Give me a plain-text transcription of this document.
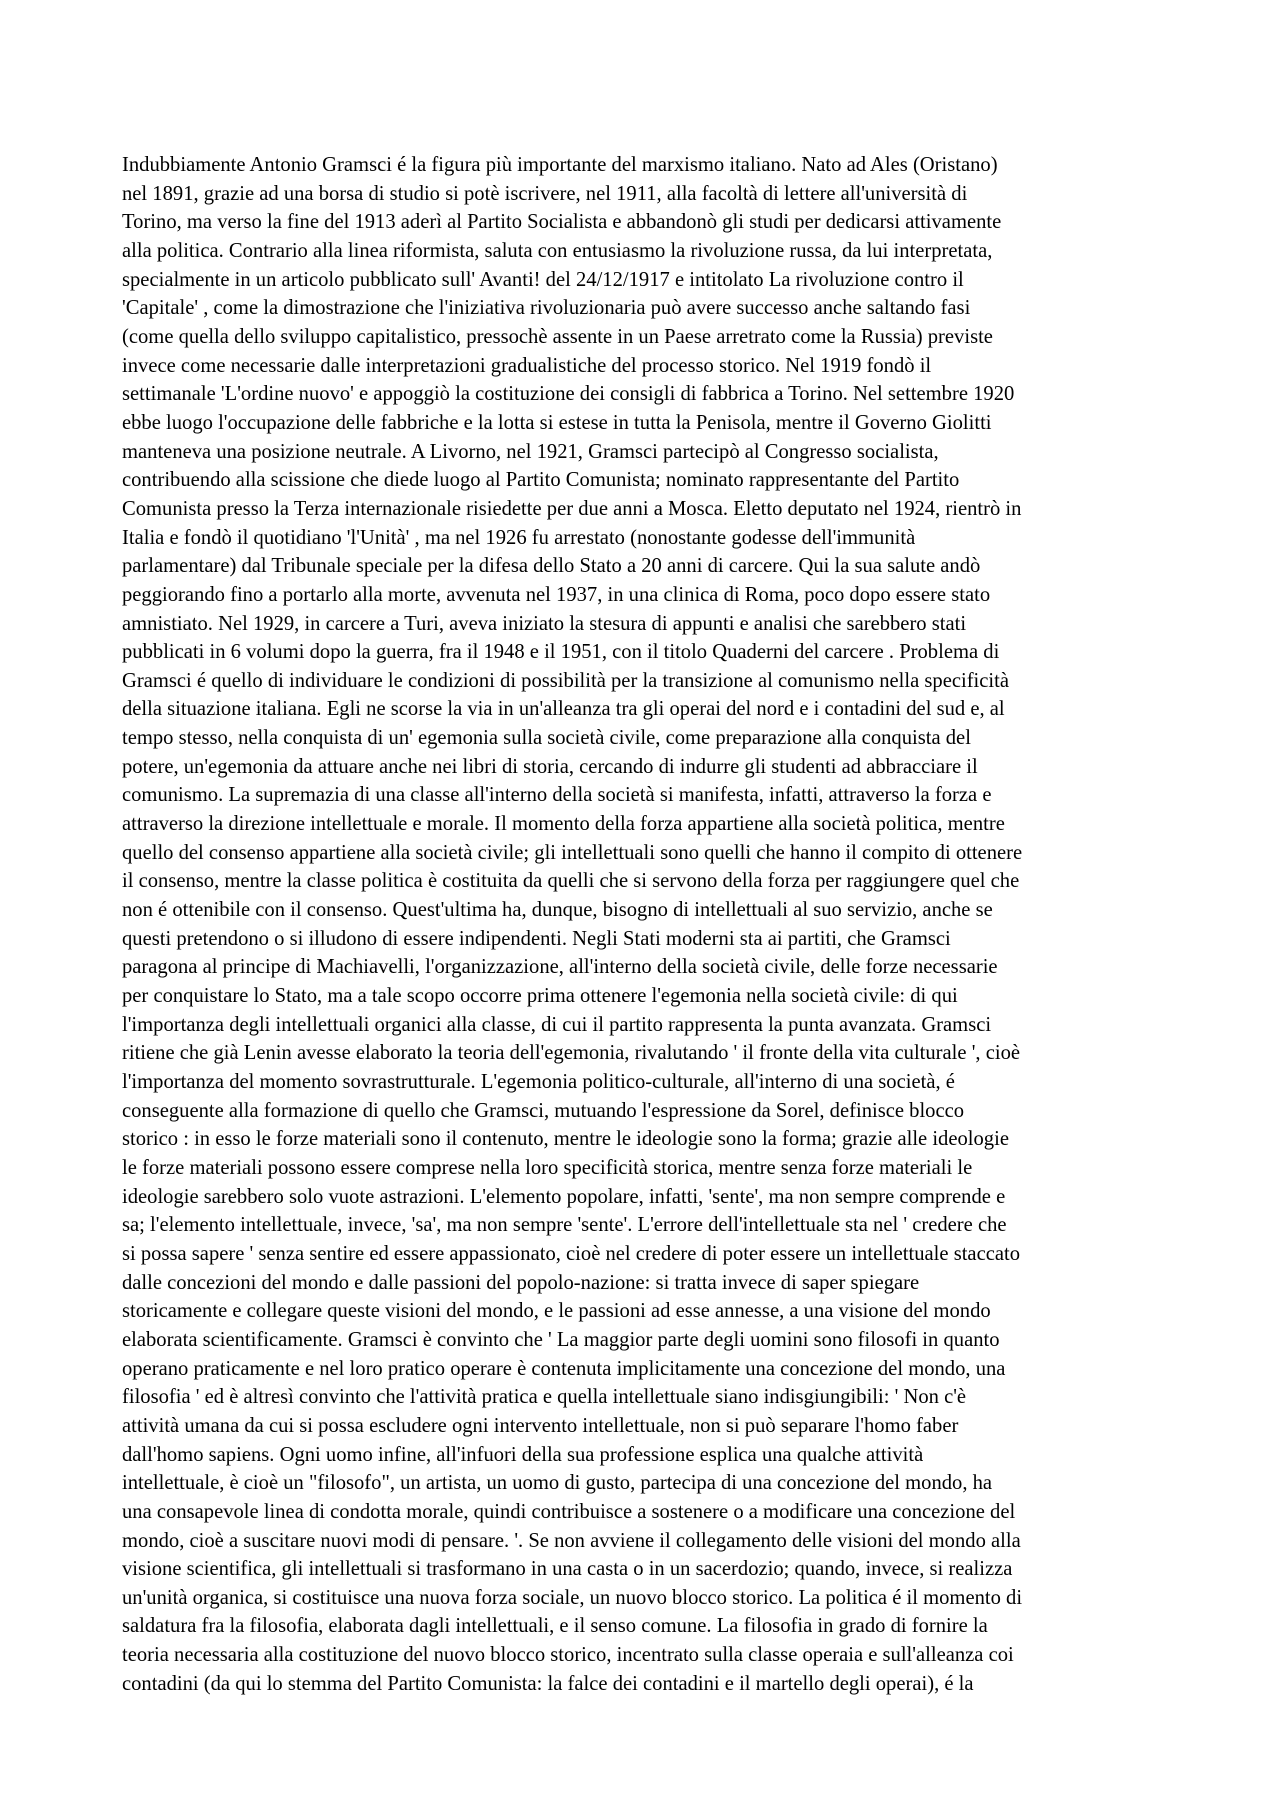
Indubbiamente Antonio Gramsci é la figura più importante del marxismo italiano. Nato ad Ales (Oristano)
nel 1891, grazie ad una borsa di studio si potè iscrivere, nel 1911, alla facoltà di lettere all'università di
Torino, ma verso la fine del 1913 aderì al Partito Socialista e abbandonò gli studi per dedicarsi attivamente
alla politica. Contrario alla linea riformista, saluta con entusiasmo la rivoluzione russa, da lui interpretata,
specialmente in un articolo pubblicato sull' Avanti! del 24/12/1917 e intitolato La rivoluzione contro il
'Capitale' , come la dimostrazione che l'iniziativa rivoluzionaria può avere successo anche saltando fasi
(come quella dello sviluppo capitalistico, pressochè assente in un Paese arretrato come la Russia) previste
invece come necessarie dalle interpretazioni gradualistiche del processo storico. Nel 1919 fondò il
settimanale 'L'ordine nuovo' e appoggiò la costituzione dei consigli di fabbrica a Torino. Nel settembre 1920
ebbe luogo l'occupazione delle fabbriche e la lotta si estese in tutta la Penisola, mentre il Governo Giolitti
manteneva una posizione neutrale. A Livorno, nel 1921, Gramsci partecipò al Congresso socialista,
contribuendo alla scissione che diede luogo al Partito Comunista; nominato rappresentante del Partito
Comunista presso la Terza internazionale risiedette per due anni a Mosca. Eletto deputato nel 1924, rientrò in
Italia e fondò il quotidiano 'l'Unità' , ma nel 1926 fu arrestato (nonostante godesse dell'immunità
parlamentare) dal Tribunale speciale per la difesa dello Stato a 20 anni di carcere. Qui la sua salute andò
peggiorando fino a portarlo alla morte, avvenuta nel 1937, in una clinica di Roma, poco dopo essere stato
amnistiato. Nel 1929, in carcere a Turi, aveva iniziato la stesura di appunti e analisi che sarebbero stati
pubblicati in 6 volumi dopo la guerra, fra il 1948 e il 1951, con il titolo Quaderni del carcere . Problema di
Gramsci é quello di individuare le condizioni di possibilità per la transizione al comunismo nella specificità
della situazione italiana. Egli ne scorse la via in un'alleanza tra gli operai del nord e i contadini del sud e, al
tempo stesso, nella conquista di un' egemonia sulla società civile, come preparazione alla conquista del
potere, un'egemonia da attuare anche nei libri di storia, cercando di indurre gli studenti ad abbracciare il
comunismo. La supremazia di una classe all'interno della società si manifesta, infatti, attraverso la forza e
attraverso la direzione intellettuale e morale. Il momento della forza appartiene alla società politica, mentre
quello del consenso appartiene alla società civile; gli intellettuali sono quelli che hanno il compito di ottenere
il consenso, mentre la classe politica è costituita da quelli che si servono della forza per raggiungere quel che
non é ottenibile con il consenso. Quest'ultima ha, dunque, bisogno di intellettuali al suo servizio, anche se
questi pretendono o si illudono di essere indipendenti. Negli Stati moderni sta ai partiti, che Gramsci
paragona al principe di Machiavelli, l'organizzazione, all'interno della società civile, delle forze necessarie
per conquistare lo Stato, ma a tale scopo occorre prima ottenere l'egemonia nella società civile: di qui
l'importanza degli intellettuali organici alla classe, di cui il partito rappresenta la punta avanzata. Gramsci
ritiene che già Lenin avesse elaborato la teoria dell'egemonia, rivalutando ' il fronte della vita culturale ', cioè
l'importanza del momento sovrastrutturale. L'egemonia politico-culturale, all'interno di una società, é
conseguente alla formazione di quello che Gramsci, mutuando l'espressione da Sorel, definisce blocco
storico : in esso le forze materiali sono il contenuto, mentre le ideologie sono la forma; grazie alle ideologie
le forze materiali possono essere comprese nella loro specificità storica, mentre senza forze materiali le
ideologie sarebbero solo vuote astrazioni. L'elemento popolare, infatti, 'sente', ma non sempre comprende e
sa; l'elemento intellettuale, invece, 'sa', ma non sempre 'sente'. L'errore dell'intellettuale sta nel ' credere che
si possa sapere ' senza sentire ed essere appassionato, cioè nel credere di poter essere un intellettuale staccato
dalle concezioni del mondo e dalle passioni del popolo-nazione: si tratta invece di saper spiegare
storicamente e collegare queste visioni del mondo, e le passioni ad esse annesse, a una visione del mondo
elaborata scientificamente. Gramsci è convinto che ' La maggior parte degli uomini sono filosofi in quanto
operano praticamente e nel loro pratico operare è contenuta implicitamente una concezione del mondo, una
filosofia ' ed è altresì convinto che l'attività pratica e quella intellettuale siano indisgiungibili: ' Non c'è
attività umana da cui si possa escludere ogni intervento intellettuale, non si può separare l'homo faber
dall'homo sapiens. Ogni uomo infine, all'infuori della sua professione esplica una qualche attività
intellettuale, è cioè un "filosofo", un artista, un uomo di gusto, partecipa di una concezione del mondo, ha
una consapevole linea di condotta morale, quindi contribuisce a sostenere o a modificare una concezione del
mondo, cioè a suscitare nuovi modi di pensare. '. Se non avviene il collegamento delle visioni del mondo alla
visione scientifica, gli intellettuali si trasformano in una casta o in un sacerdozio; quando, invece, si realizza
un'unità organica, si costituisce una nuova forza sociale, un nuovo blocco storico. La politica é il momento di
saldatura fra la filosofia, elaborata dagli intellettuali, e il senso comune. La filosofia in grado di fornire la
teoria necessaria alla costituzione del nuovo blocco storico, incentrato sulla classe operaia e sull'alleanza coi
contadini (da qui lo stemma del Partito Comunista: la falce dei contadini e il martello degli operai), é la
